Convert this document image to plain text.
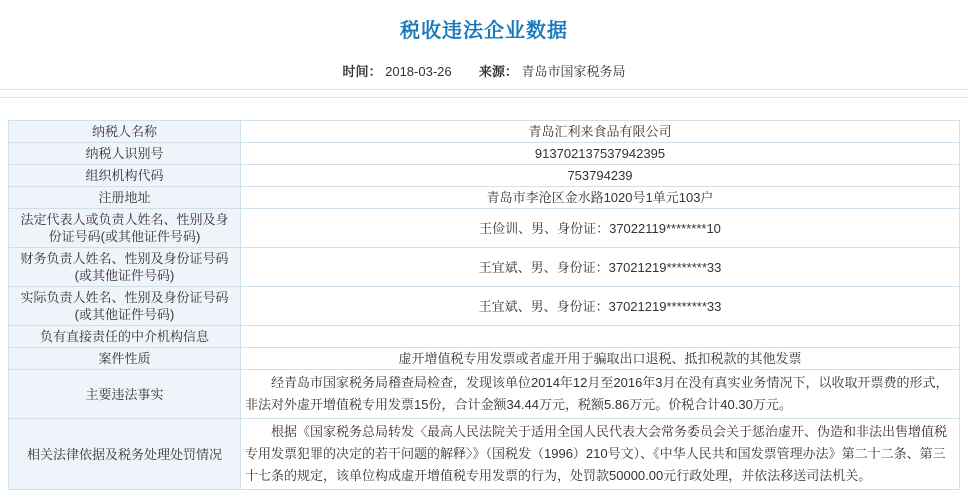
税收违法企业数据
时间： 2018-03-26 来源： 青岛市国家税务局
纳税人名称	青岛汇利来食品有限公司
纳税人识别号	913702137537942395
组织机构代码	753794239
注册地址	青岛市李沧区金水路1020号1单元103户
法定代表人或负责人姓名、性别及身份证号码(或其他证件号码)	王俭训、男、身份证：37022119********10
财务负责人姓名、性别及身份证号码(或其他证件号码)	王宜斌、男、身份证：37021219********33
实际负责人姓名、性别及身份证号码(或其他证件号码)	王宜斌、男、身份证：37021219********33
负有直接责任的中介机构信息	
案件性质	虚开增值税专用发票或者虚开用于骗取出口退税、抵扣税款的其他发票
主要违法事实	经青岛市国家税务局稽查局检查，发现该单位2014年12月至2016年3月在没有真实业务情况下，以收取开票费的形式，非法对外虚开增值税专用发票15份，合计金额34.44万元，税额5.86万元。价税合计40.30万元。
相关法律依据及税务处理处罚情况	根据《国家税务总局转发〈最高人民法院关于适用全国人民代表大会常务委员会关于惩治虚开、伪造和非法出售增值税专用发票犯罪的决定的若干问题的解释〉》（国税发（1996）210号文）、《中华人民共和国发票管理办法》第二十二条、第三十七条的规定，该单位构成虚开增值税专用发票的行为，处罚款50000.00元行政处理，并依法移送司法机关。
